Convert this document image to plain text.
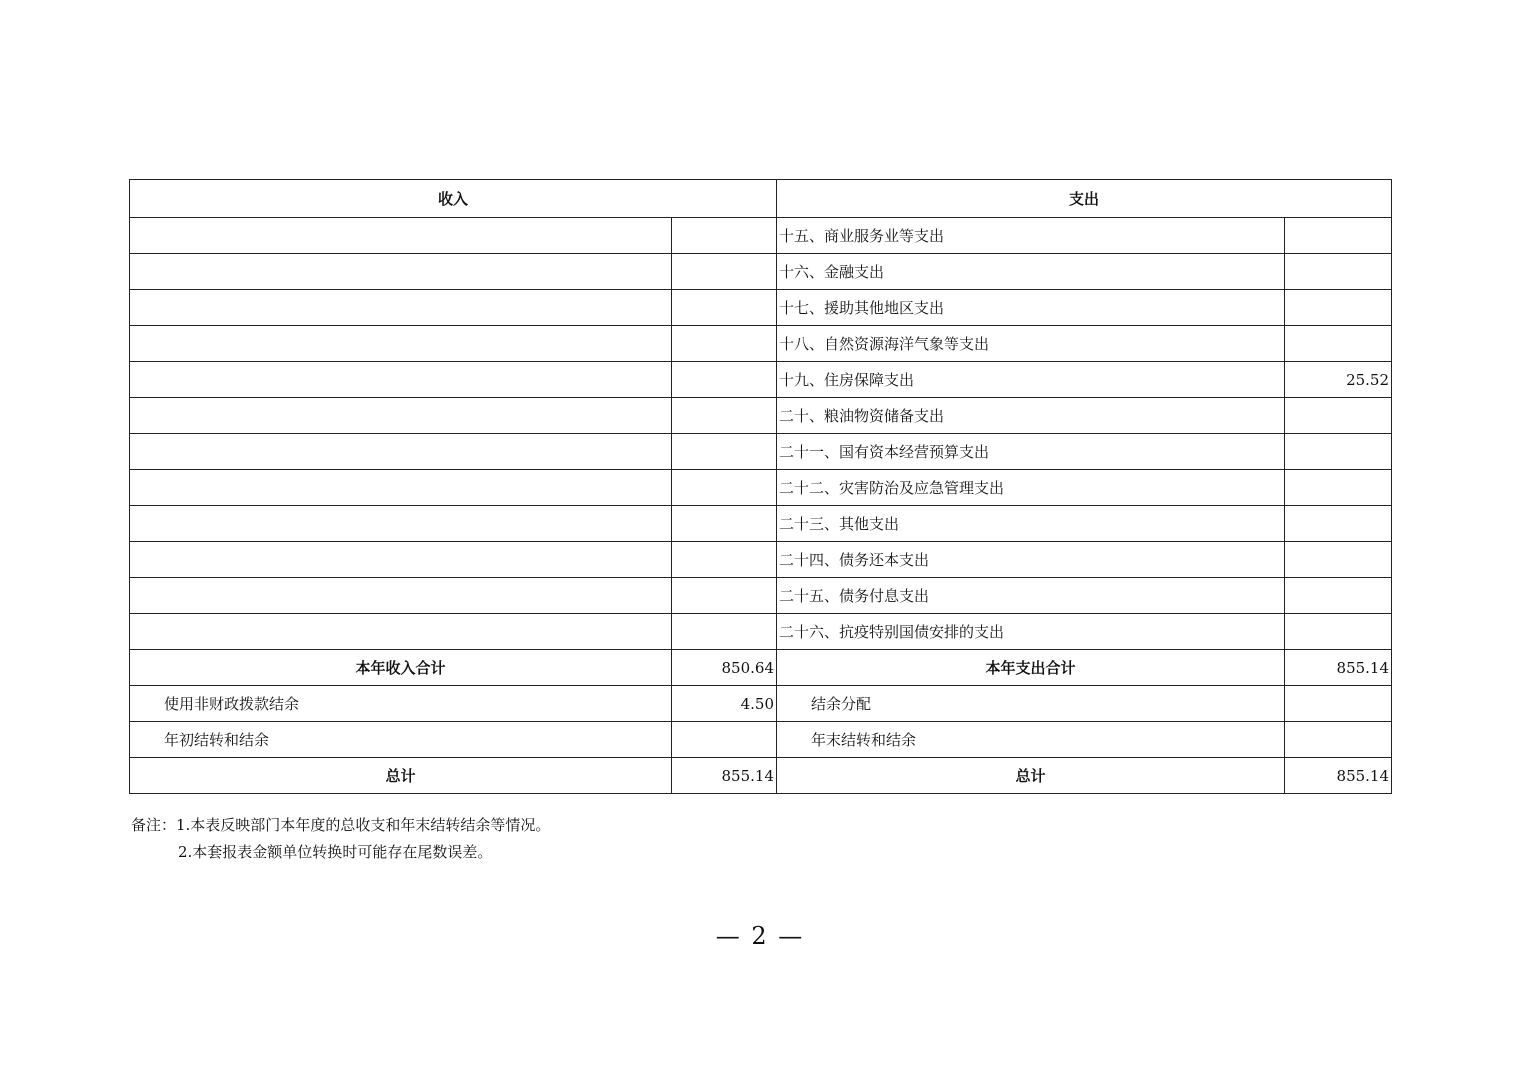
收入		支出	
		十五、商业服务业等支出	
		十六、金融支出	
		十七、援助其他地区支出	
		十八、自然资源海洋气象等支出	
		十九、住房保障支出	25.52
		二十、粮油物资储备支出	
		二十一、国有资本经营预算支出	
		二十二、灾害防治及应急管理支出	
		二十三、其他支出	
		二十四、债务还本支出	
		二十五、债务付息支出	
		二十六、抗疫特别国债安排的支出	
本年收入合计	850.64	本年支出合计	855.14
使用非财政拨款结余	4.50	结余分配	
年初结转和结余		年末结转和结余	
总计	855.14	总计	855.14
备注：1.本表反映部门本年度的总收支和年末结转结余等情况。
2.本套报表金额单位转换时可能存在尾数误差。
— 2 —
